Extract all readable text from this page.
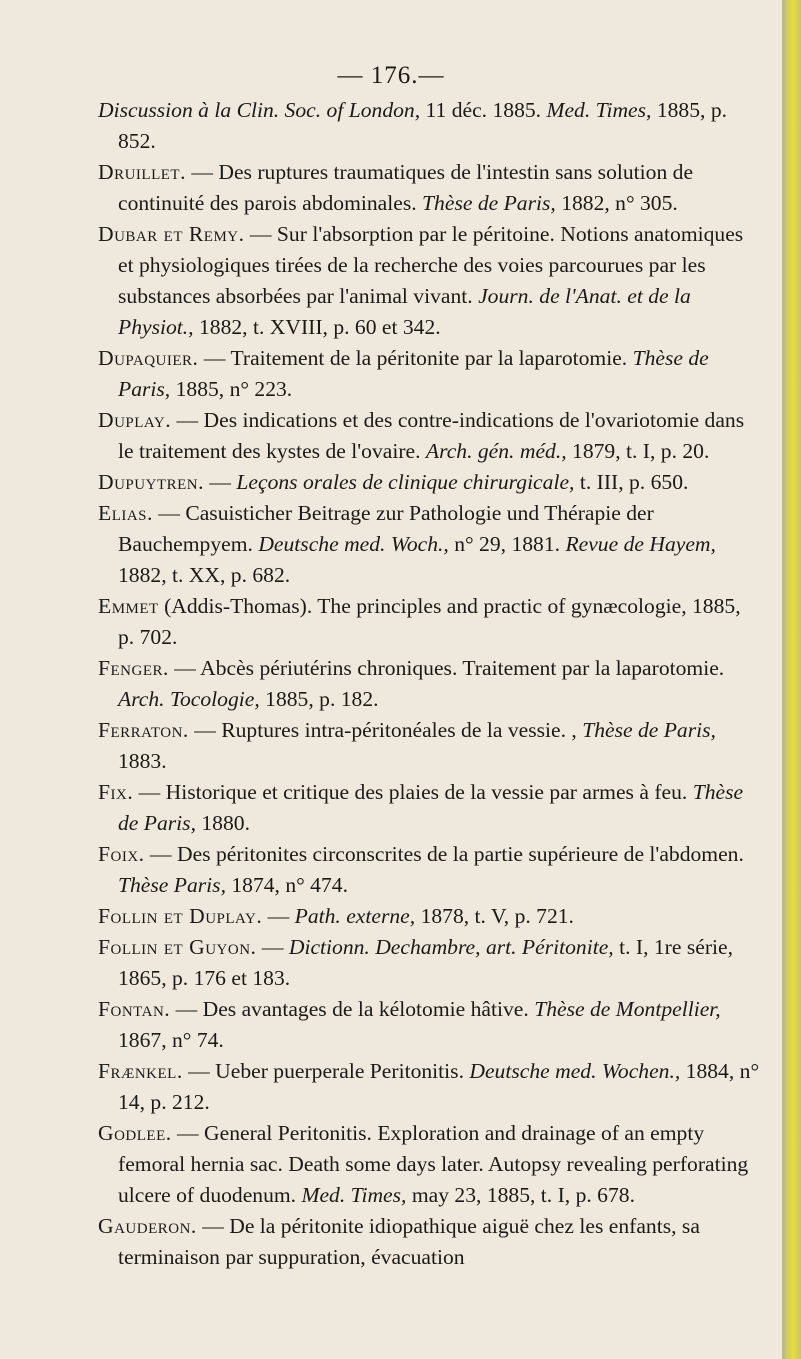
— 176.—

Discussion à la Clin. Soc. of London, 11 déc. 1885. Med. Times, 1885, p. 852.

Druillet. — Des ruptures traumatiques de l'intestin sans solution de continuité des parois abdominales. Thèse de Paris, 1882, n° 305.

Dubar et Remy. — Sur l'absorption par le péritoine. Notions anatomiques et physiologiques tirées de la recherche des voies parcourues par les substances absorbées par l'animal vivant. Journ. de l'Anat. et de la Physiot., 1882, t. XVIII, p. 60 et 342.

Dupaquier. — Traitement de la péritonite par la laparotomie. Thèse de Paris, 1885, n° 223.

Duplay. — Des indications et des contre-indications de l'ovariotomie dans le traitement des kystes de l'ovaire. Arch. gén. méd., 1879, t. I, p. 20.

Dupuytren. — Leçons orales de clinique chirurgicale, t. III, p. 650.

Elias. — Casuisticher Beitrage zur Pathologie und Thérapie der Bauchempyem. Deutsche med. Woch., n° 29, 1881. Revue de Hayem, 1882, t. XX, p. 682.

Emmet (Addis-Thomas). The principles and practic of gynæcologie, 1885, p. 702.

Fenger. — Abcès périutérins chroniques. Traitement par la laparotomie. Arch. Tocologie, 1885, p. 182.

Ferraton. — Ruptures intra-péritonéales de la vessie. , Thèse de Paris, 1883.

Fix. — Historique et critique des plaies de la vessie par armes à feu. Thèse de Paris, 1880.

Foix. — Des péritonites circonscrites de la partie supérieure de l'abdomen. Thèse Paris, 1874, n° 474.

Follin et Duplay. — Path. externe, 1878, t. V, p. 721.

Follin et Guyon. — Dictionn. Dechambre, art. Péritonite, t. I, 1re série, 1865, p. 176 et 183.

Fontan. — Des avantages de la kélotomie hâtive. Thèse de Montpellier, 1867, n° 74.

Frænkel. — Ueber puerperale Peritonitis. Deutsche med. Wochen., 1884, n° 14, p. 212.

Godlee. — General Peritonitis. Exploration and drainage of an empty femoral hernia sac. Death some days later. Autopsy revealing perforating ulcere of duodenum. Med. Times, may 23, 1885, t. I, p. 678.

Gauderon. — De la péritonite idiopathique aiguë chez les enfants, sa terminaison par suppuration, évacuation
